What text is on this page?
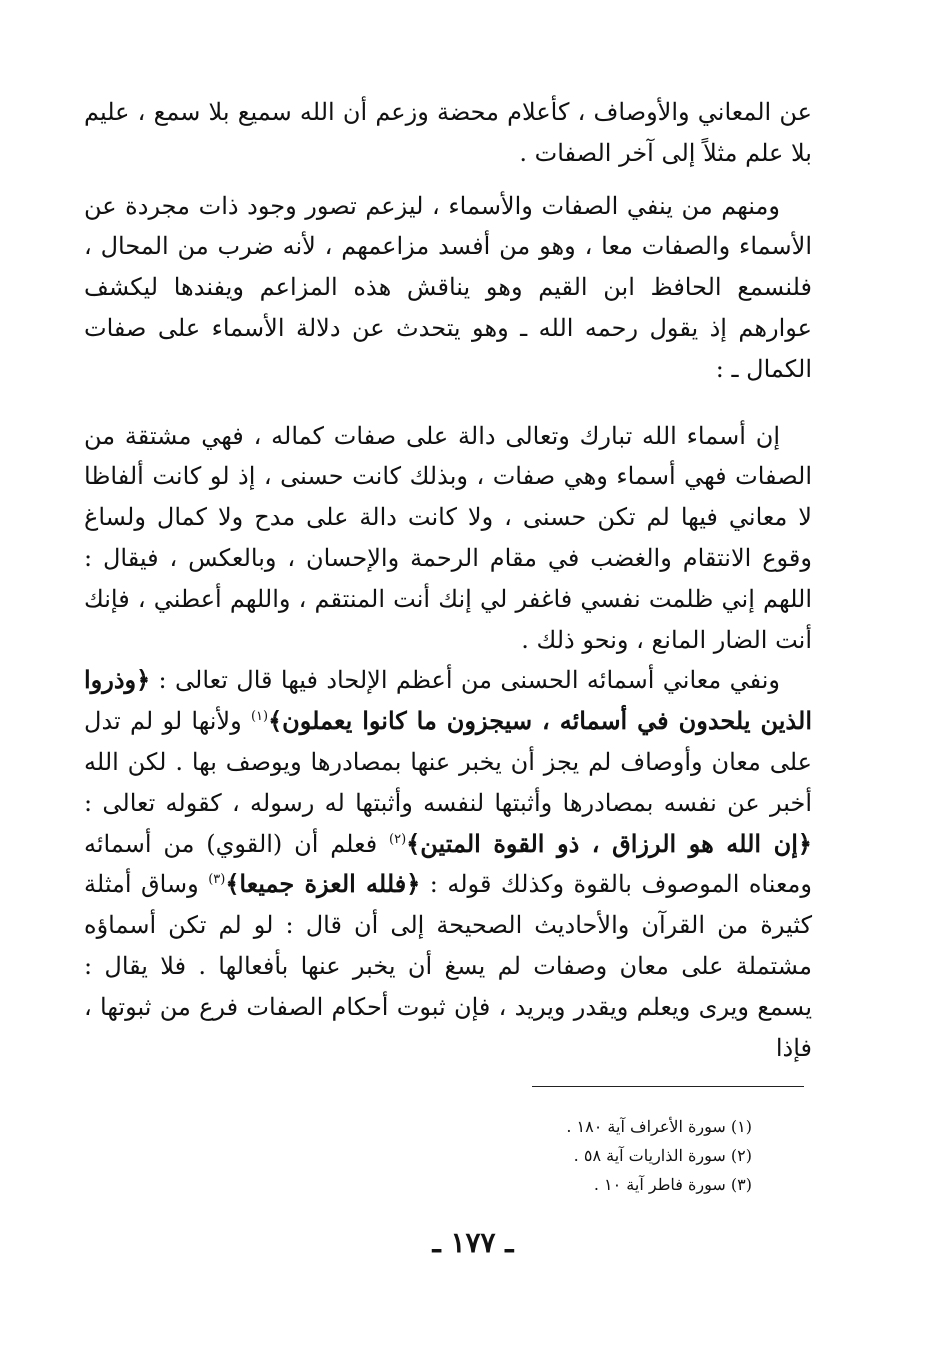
عن المعاني والأوصاف ، كأعلام محضة وزعم أن الله سميع بلا سمع ، عليم بلا علم مثلاً إلى آخر الصفات .

ومنهم من ينفي الصفات والأسماء ، ليزعم تصور وجود ذات مجردة عن الأسماء والصفات معا ، وهو من أفسد مزاعمهم ، لأنه ضرب من المحال ، فلنسمع الحافظ ابن القيم وهو يناقش هذه المزاعم ويفندها ليكشف عوارهم إذ يقول رحمه الله ـ وهو يتحدث عن دلالة الأسماء على صفات الكمال ـ :

إن أسماء الله تبارك وتعالى دالة على صفات كماله ، فهي مشتقة من الصفات فهي أسماء وهي صفات ، وبذلك كانت حسنى ، إذ لو كانت ألفاظا لا معاني فيها لم تكن حسنى ، ولا كانت دالة على مدح ولا كمال ولساغ وقوع الانتقام والغضب في مقام الرحمة والإحسان ، وبالعكس ، فيقال : اللهم إني ظلمت نفسي فاغفر لي إنك أنت المنتقم ، واللهم أعطني ، فإنك أنت الضار المانع ، ونحو ذلك .

ونفي معاني أسمائه الحسنى من أعظم الإلحاد فيها قال تعالى : ﴿وذروا الذين يلحدون في أسمائه ، سيجزون ما كانوا يعملون﴾$^{(١)}$ ولأنها لو لم تدل على معان وأوصاف لم يجز أن يخبر عنها بمصادرها ويوصف بها . لكن الله أخبر عن نفسه بمصادرها وأثبتها لنفسه وأثبتها له رسوله ، كقوله تعالى : ﴿إن الله هو الرزاق ، ذو القوة المتين﴾$^{(٢)}$ فعلم أن (القوي) من أسمائه ومعناه الموصوف بالقوة وكذلك قوله : ﴿فلله العزة جميعا﴾$^{(٣)}$ وساق أمثلة كثيرة من القرآن والأحاديث الصحيحة إلى أن قال : لو لم تكن أسماؤه مشتملة على معان وصفات لم يسغ أن يخبر عنها بأفعالها . فلا يقال : يسمع ويرى ويعلم ويقدر ويريد ، فإن ثبوت أحكام الصفات فرع من ثبوتها ، فإذا

(١) سورة الأعراف آية ١٨٠ .
(٢) سورة الذاريات آية ٥٨ .
(٣) سورة فاطر آية ١٠ .
ـ ١٧٧ ـ
